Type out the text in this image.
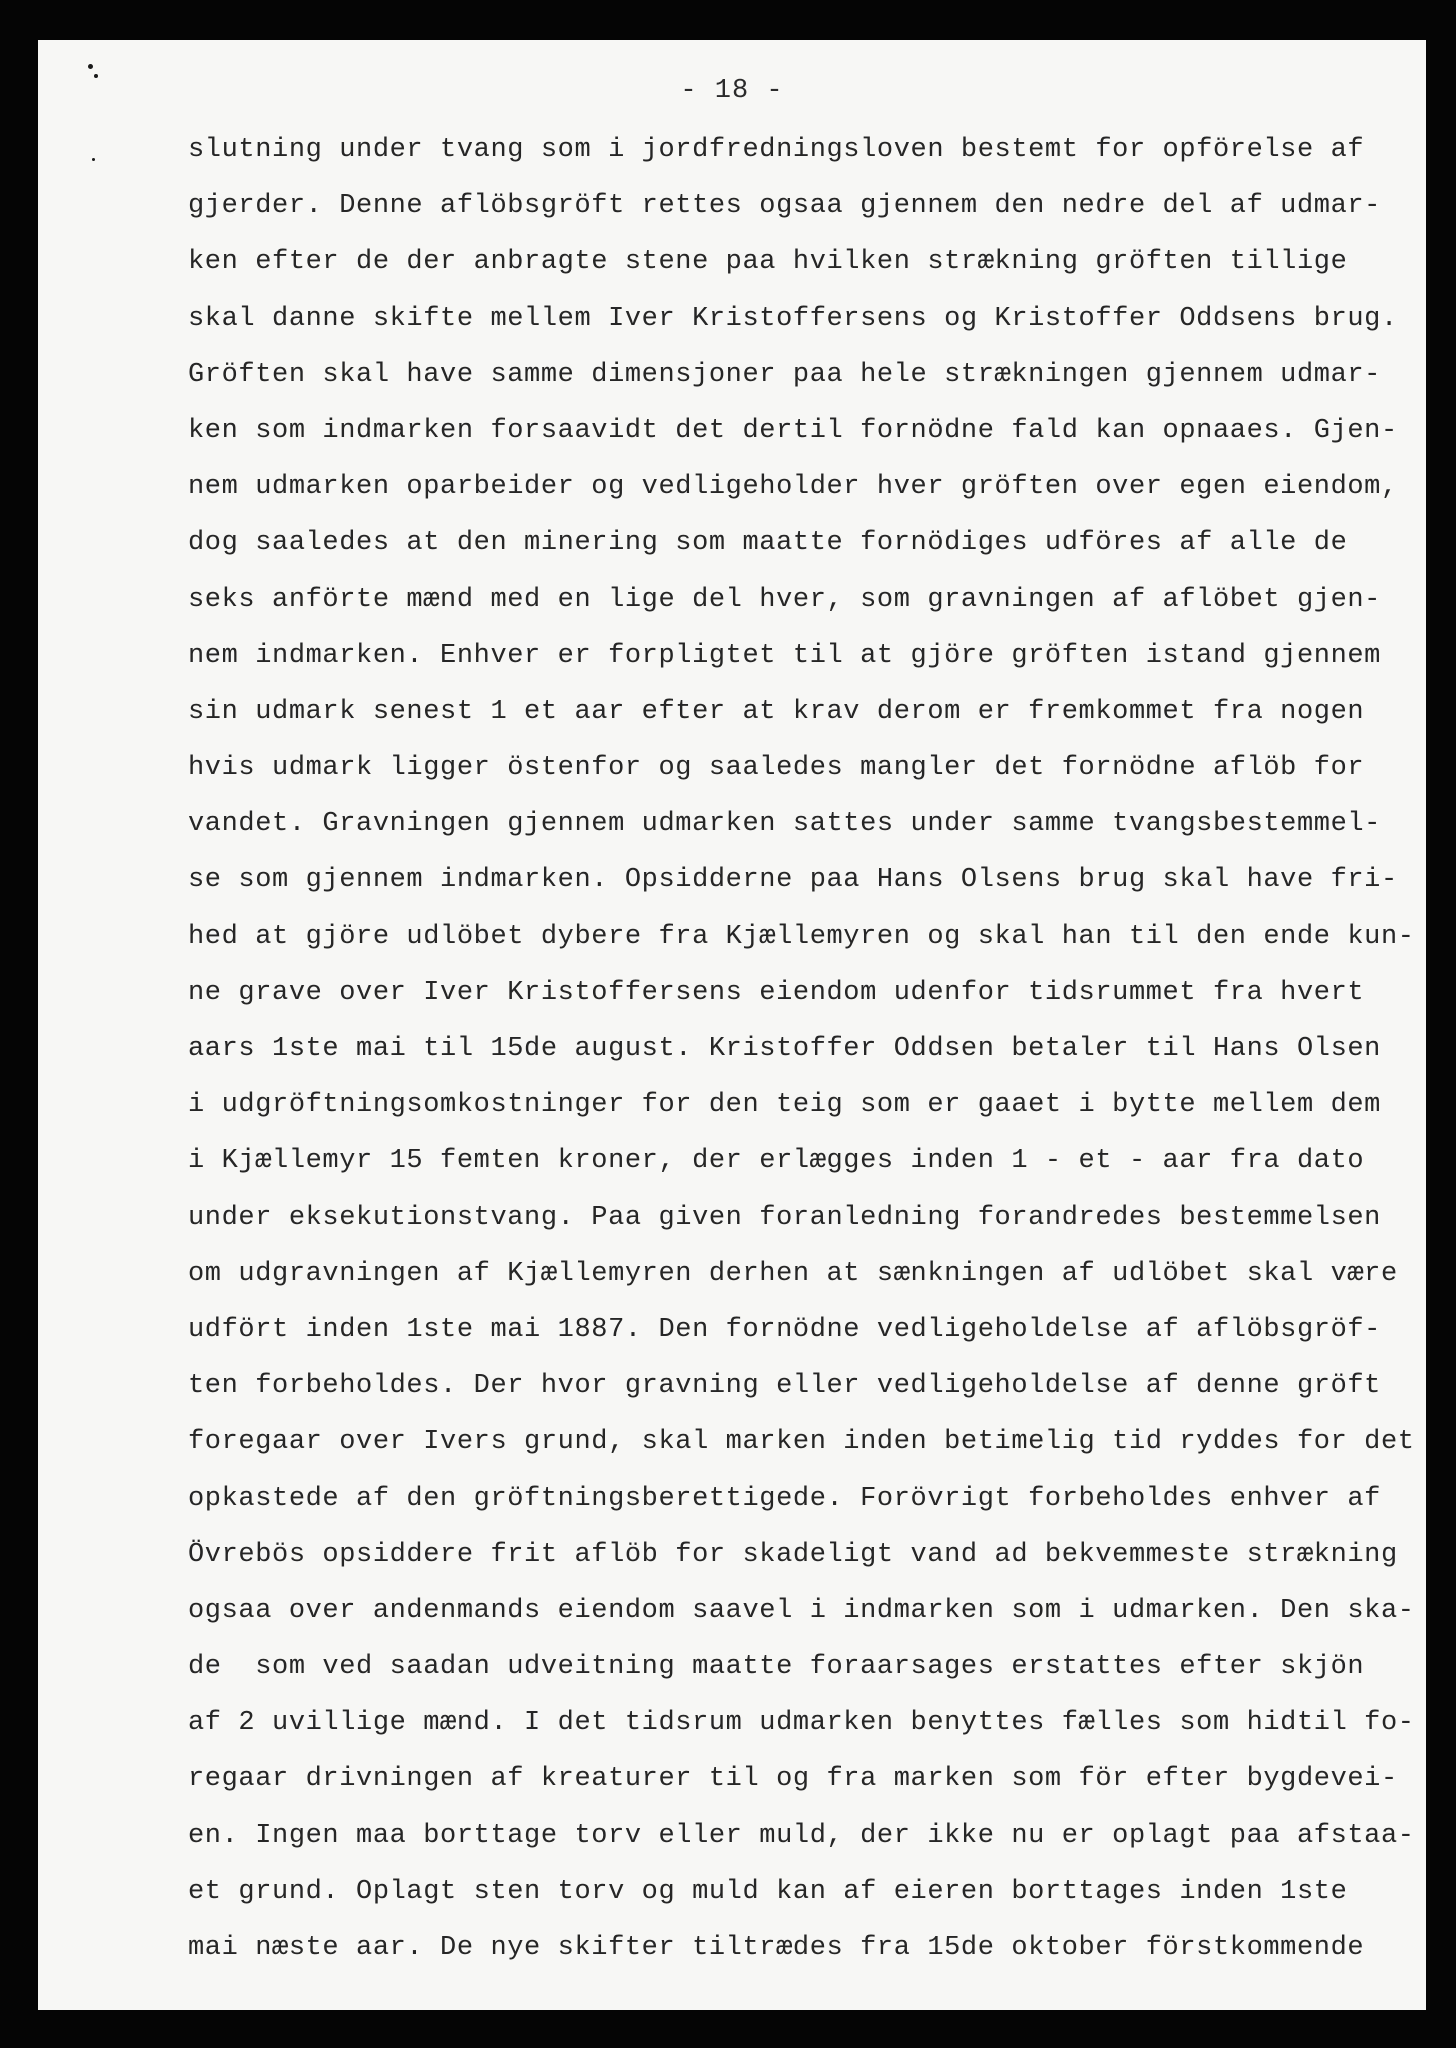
- 18 -
slutning under tvang som i jordfredningsloven bestemt for opförelse af
gjerder. Denne aflöbsgröft rettes ogsaa gjennem den nedre del af udmar-
ken efter de der anbragte stene paa hvilken strækning gröften tillige
skal danne skifte mellem Iver Kristoffersens og Kristoffer Oddsens brug.
Gröften skal have samme dimensjoner paa hele strækningen gjennem udmar-
ken som indmarken forsaavidt det dertil fornödne fald kan opnaaes. Gjen-
nem udmarken oparbeider og vedligeholder hver gröften over egen eiendom,
dog saaledes at den minering som maatte fornödiges udföres af alle de
seks anförte mænd med en lige del hver, som gravningen af aflöbet gjen-
nem indmarken. Enhver er forpligtet til at gjöre gröften istand gjennem
sin udmark senest 1 et aar efter at krav derom er fremkommet fra nogen
hvis udmark ligger östenfor og saaledes mangler det fornödne aflöb for
vandet. Gravningen gjennem udmarken sattes under samme tvangsbestemmel-
se som gjennem indmarken. Opsidderne paa Hans Olsens brug skal have fri-
hed at gjöre udlöbet dybere fra Kjællemyren og skal han til den ende kun-
ne grave over Iver Kristoffersens eiendom udenfor tidsrummet fra hvert
aars 1ste mai til 15de august. Kristoffer Oddsen betaler til Hans Olsen
i udgröftningsomkostninger for den teig som er gaaet i bytte mellem dem
i Kjællemyr 15 femten kroner, der erlægges inden 1 - et - aar fra dato
under eksekutionstvang. Paa given foranledning forandredes bestemmelsen
om udgravningen af Kjællemyren derhen at sænkningen af udlöbet skal være
udfört inden 1ste mai 1887. Den fornödne vedligeholdelse af aflöbsgröf-
ten forbeholdes. Der hvor gravning eller vedligeholdelse af denne gröft
foregaar over Ivers grund, skal marken inden betimelig tid ryddes for det
opkastede af den gröftningsberettigede. Forövrigt forbeholdes enhver af
Övrebös opsiddere frit aflöb for skadeligt vand ad bekvemmeste strækning
ogsaa over andenmands eiendom saavel i indmarken som i udmarken. Den ska-
de  som ved saadan udveitning maatte foraarsages erstattes efter skjön
af 2 uvillige mænd. I det tidsrum udmarken benyttes fælles som hidtil fo-
regaar drivningen af kreaturer til og fra marken som för efter bygdevei-
en. Ingen maa borttage torv eller muld, der ikke nu er oplagt paa afstaa-
et grund. Oplagt sten torv og muld kan af eieren borttages inden 1ste
mai næste aar. De nye skifter tiltrædes fra 15de oktober förstkommende
